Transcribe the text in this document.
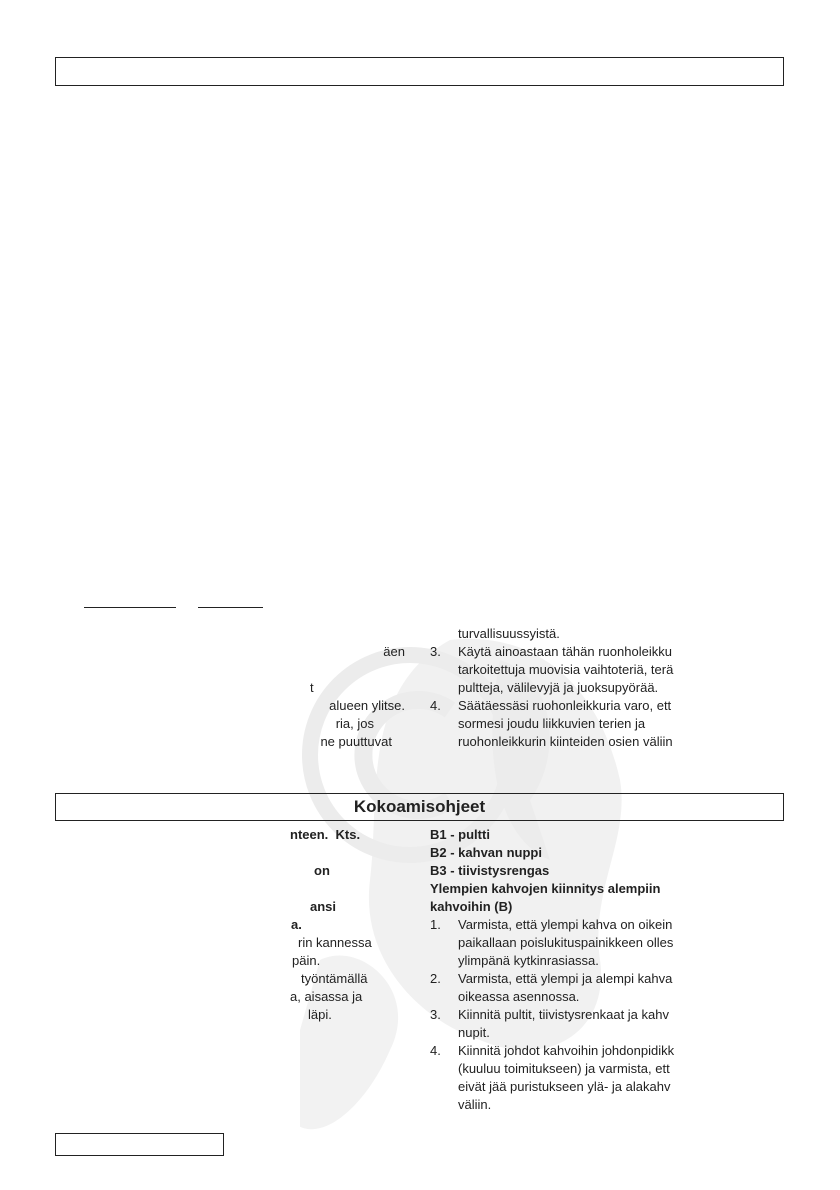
äen
t
alueen ylitse.
ria, jos
ne puuttuvat
turvallisuussyistä.
3.	Käytä ainoastaan tähän ruonholeikku
tarkoitettuja muovisia vaihtoteriä, terä
pultteja, välilevyjä ja juoksupyörää.
4.	Säätäessäsi ruohonleikkuria varo, ett
sormesi joudu liikkuvien terien ja
ruohonleikkurin kiinteiden osien väliin
Kokoamisohjeet
nteen.  Kts.
on
ansi
a.
rin kannessa
päin.
työntämällä
a, aisassa ja
läpi.
B1 - pultti
B2 - kahvan nuppi
B3 - tiivistysrengas
Ylempien kahvojen kiinnitys alempiin
kahvoihin (B)
1.	Varmista, että ylempi kahva on oikein
paikallaan poislukituspainikkeen olles
ylimpänä kytkinrasiassa.
2.	Varmista, että ylempi ja alempi kahva
oikeassa asennossa.
3.	Kiinnitä pultit, tiivistysrenkaat ja kahv
nupit.
4.	Kiinnitä johdot kahvoihin johdonpidikk
(kuuluu toimitukseen) ja varmista, ett
eivät jää puristukseen ylä- ja alakahv
väliin.
